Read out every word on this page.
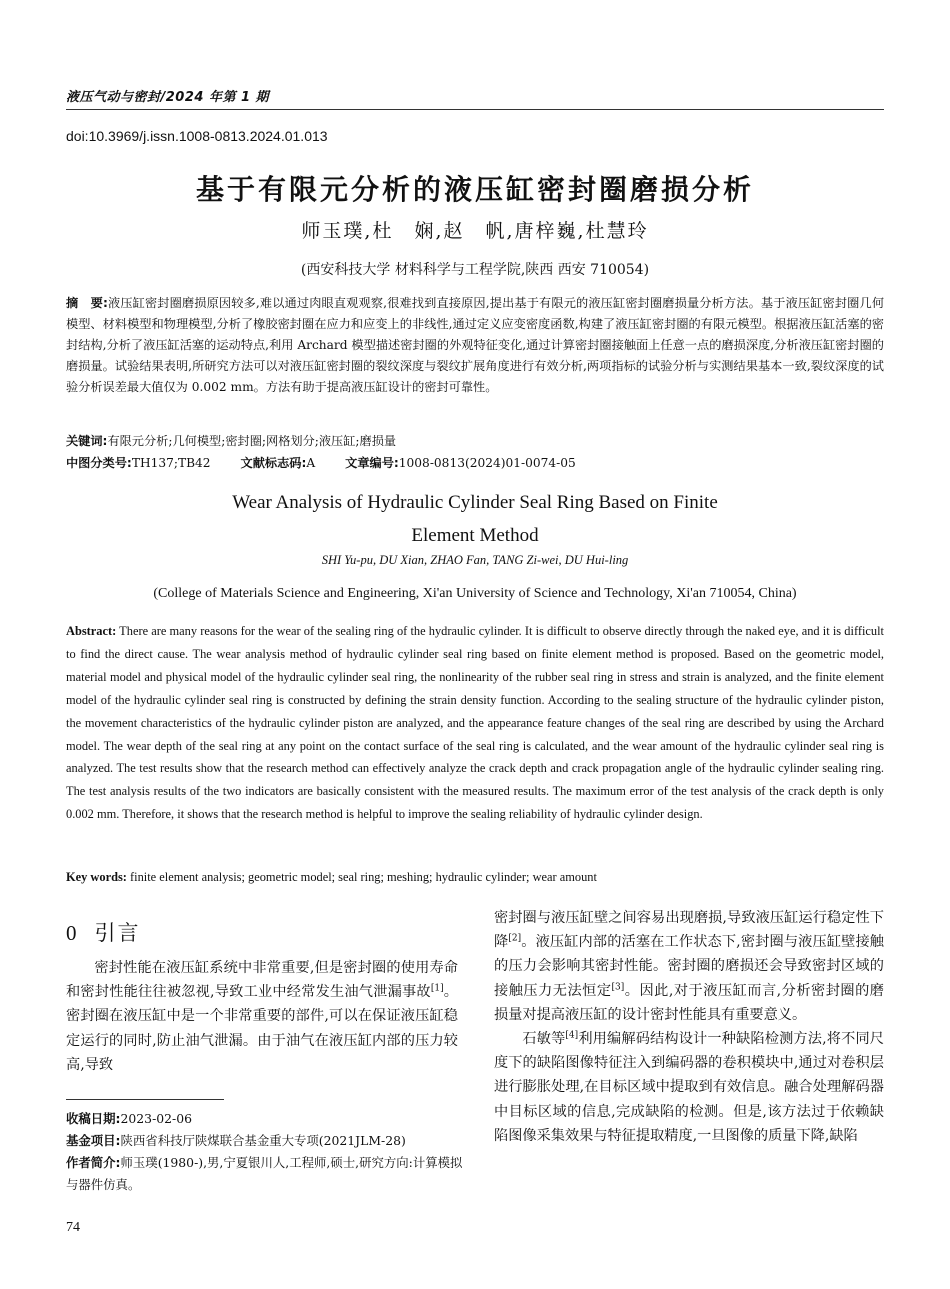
液压气动与密封/2024 年第 1 期
doi:10.3969/j.issn.1008-0813.2024.01.013
基于有限元分析的液压缸密封圈磨损分析
师玉璞,杜　娴,赵　帆,唐梓巍,杜慧玲
(西安科技大学 材料科学与工程学院,陕西 西安 710054)
摘　要:液压缸密封圈磨损原因较多,难以通过肉眼直观观察,很难找到直接原因,提出基于有限元的液压缸密封圈磨损量分析方法。基于液压缸密封圈几何模型、材料模型和物理模型,分析了橡胶密封圈在应力和应变上的非线性,通过定义应变密度函数,构建了液压缸密封圈的有限元模型。根据液压缸活塞的密封结构,分析了液压缸活塞的运动特点,利用 Archard 模型描述密封圈的外观特征变化,通过计算密封圈接触面上任意一点的磨损深度,分析液压缸密封圈的磨损量。试验结果表明,所研究方法可以对液压缸密封圈的裂纹深度与裂纹扩展角度进行有效分析,两项指标的试验分析与实测结果基本一致,裂纹深度的试验分析误差最大值仅为 0.002 mm。方法有助于提高液压缸设计的密封可靠性。
关键词:有限元分析;几何模型;密封圈;网格划分;液压缸;磨损量
中图分类号:TH137;TB42 文献标志码:A 文章编号:1008-0813(2024)01-0074-05
Wear Analysis of Hydraulic Cylinder Seal Ring Based on Finite
Element Method
SHI Yu-pu, DU Xian, ZHAO Fan, TANG Zi-wei, DU Hui-ling
(College of Materials Science and Engineering, Xi'an University of Science and Technology, Xi'an 710054, China)
Abstract: There are many reasons for the wear of the sealing ring of the hydraulic cylinder. It is difficult to observe directly through the naked eye, and it is difficult to find the direct cause. The wear analysis method of hydraulic cylinder seal ring based on finite element method is proposed. Based on the geometric model, material model and physical model of the hydraulic cylinder seal ring, the nonlinearity of the rubber seal ring in stress and strain is analyzed, and the finite element model of the hydraulic cylinder seal ring is constructed by defining the strain density function. According to the sealing structure of the hydraulic cylinder piston, the movement characteristics of the hydraulic cylinder piston are analyzed, and the appearance feature changes of the seal ring are described by using the Archard model. The wear depth of the seal ring at any point on the contact surface of the seal ring is calculated, and the wear amount of the hydraulic cylinder seal ring is analyzed. The test results show that the research method can effectively analyze the crack depth and crack propagation angle of the hydraulic cylinder sealing ring. The test analysis results of the two indicators are basically consistent with the measured results. The maximum error of the test analysis of the crack depth is only 0.002 mm. Therefore, it shows that the research method is helpful to improve the sealing reliability of hydraulic cylinder design.
Key words: finite element analysis; geometric model; seal ring; meshing; hydraulic cylinder; wear amount
0 引言
密封性能在液压缸系统中非常重要,但是密封圈的使用寿命和密封性能往往被忽视,导致工业中经常发生油气泄漏事故[1]。密封圈在液压缸中是一个非常重要的部件,可以在保证液压缸稳定运行的同时,防止油气泄漏。由于油气在液压缸内部的压力较高,导致

密封圈与液压缸壁之间容易出现磨损,导致液压缸运行稳定性下降[2]。液压缸内部的活塞在工作状态下,密封圈与液压缸壁接触的压力会影响其密封性能。密封圈的磨损还会导致密封区域的接触压力无法恒定[3]。因此,对于液压缸而言,分析密封圈的磨损量对提高液压缸的设计密封性能具有重要意义。

石敏等[4]利用编解码结构设计一种缺陷检测方法,将不同尺度下的缺陷图像特征注入到编码器的卷积模块中,通过对卷积层进行膨胀处理,在目标区域中提取到有效信息。融合处理解码器中目标区域的信息,完成缺陷的检测。但是,该方法过于依赖缺陷图像采集效果与特征提取精度,一旦图像的质量下降,缺陷

收稿日期:2023-02-06
基金项目:陕西省科技厅陕煤联合基金重大专项(2021JLM-28)
作者简介:师玉璞(1980-),男,宁夏银川人,工程师,硕士,研究方向:计算模拟与器件仿真。
74
